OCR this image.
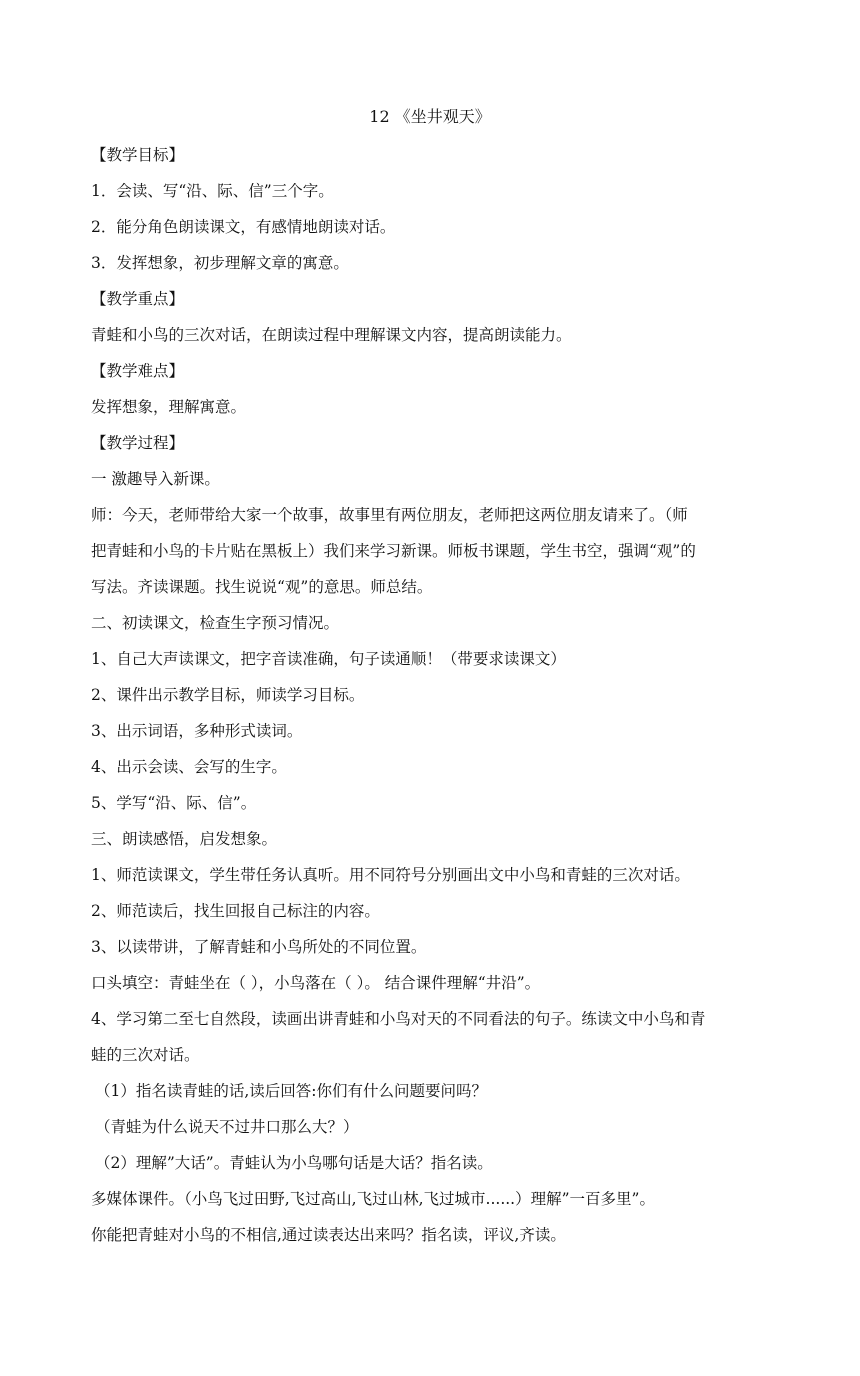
12 《坐井观天》
【教学目标】
1．会读、写“沿、际、信”三个字。
2．能分角色朗读课文，有感情地朗读对话。
3．发挥想象，初步理解文章的寓意。
【教学重点】
青蛙和小鸟的三次对话，在朗读过程中理解课文内容，提高朗读能力。
【教学难点】
发挥想象，理解寓意。
【教学过程】
一 激趣导入新课。
师：今天，老师带给大家一个故事，故事里有两位朋友，老师把这两位朋友请来了。（师
把青蛙和小鸟的卡片贴在黑板上）我们来学习新课。师板书课题，学生书空，强调“观”的
写法。齐读课题。找生说说“观”的意思。师总结。
二、初读课文，检查生字预习情况。
1、自己大声读课文，把字音读准确，句子读通顺！（带要求读课文）
2、课件出示教学目标，师读学习目标。
3、出示词语，多种形式读词。
4、出示会读、会写的生字。
5、学写“沿、际、信”。
三、朗读感悟，启发想象。
1、师范读课文，学生带任务认真听。用不同符号分别画出文中小鸟和青蛙的三次对话。
2、师范读后，找生回报自己标注的内容。
3、以读带讲，了解青蛙和小鸟所处的不同位置。
口头填空：青蛙坐在（ ），小鸟落在（ ）。 结合课件理解“井沿”。
4、学习第二至七自然段，读画出讲青蛙和小鸟对天的不同看法的句子。练读文中小鸟和青
蛙的三次对话。
（1）指名读青蛙的话,读后回答:你们有什么问题要问吗？
（青蛙为什么说天不过井口那么大？）
（2）理解”大话”。青蛙认为小鸟哪句话是大话？指名读。
多媒体课件。（小鸟飞过田野,飞过高山,飞过山林,飞过城市......）理解”一百多里”。
你能把青蛙对小鸟的不相信,通过读表达出来吗？指名读，评议,齐读。
